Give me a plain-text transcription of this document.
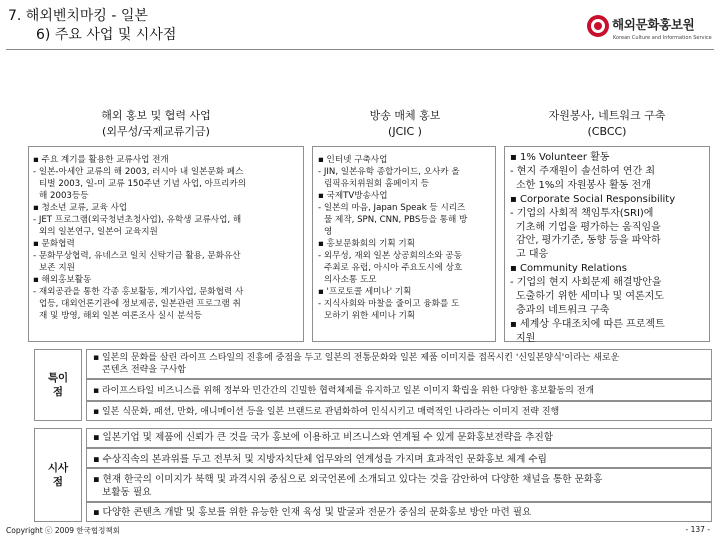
7. 해외벤치마킹 - 일본
6) 주요 사업 및 시사점
해외문화홍보원
Korean Culture and Information Service
해외 홍보 및 협력 사업
(외무성/국제교류기금)
방송 매체 홍보
(JCIC )
자원봉사, 네트워크 구축
(CBCC)

▪ 주요 계기를 활용한 교류사업 전개

- 일본-아세안 교류의 해 2003, 러시아 내 일본문화 페스

티벌 2003, 일-미 교류 150주년 기념 사업, 아프리카의

해 2003등등

▪ 청소년 교류, 교육 사업

- JET 프로그램(외국청년초청사업), 유학생 교류사업, 해

외의 일본연구, 일본어 교육지원

▪ 문화협력

- 문화무상협력, 유네스코 일치 신탁기금 활용, 문화유산

보존 지원

▪ 해외홍보활동

- 재외공관을 통한 각종 홍보활동, 계기사업, 문화협력 사

업등, 대외언론기관에 정보제공, 일본관련 프로그램 취

재 및 방영, 해외 일본 여론조사 실시 분석등

▪ 인터넷 구축사업

- JIN, 일본유학 종합가이드, 오사카 올

림픽유치위원회 홈페이지 등

▪ 국제TV방송사업

- 일본의 마음, Japan Speak 등 시리즈

물 제작, SPN, CNN, PBS등을 통해 방

영

▪ 홍보문화회의 기획 기획

- 외무성, 재외 일본 상공회의소와 공동

주최로 유럽, 아시아 주요도시에 상호

의사소통 도모

▪ '프로토콜 세미나' 기획

- 지식사회와 마찰을 줄이고 융화를 도

모하기 위한 세미나 기획

▪ 1% Volunteer 활동

- 현지 주재원이 솔선하여 연간 최

소한 1%의 자원봉사 활동 전개

▪ Corporate Social Responsibility

- 기업의 사회적 책임투자(SRI)에

기초해 기업을 평가하는 움직임을

감안, 평가기준, 동향 등을 파악하

고 대응

▪ Community Relations

- 기업의 현지 사회문제 해결방안을

도출하기 위한 세미나 및 여론지도

층과의 네트워크 구축

▪ 세계상 우대조치에 따른 프로젝트

지원

특이
점

▪ 일본의 문화를 살린 라이프 스타일의 진흥에 중점을 두고 일본의 전통문화와 일본 제품 이미지를 접목시킨 '신일본양식'이라는 새로운

콘텐츠 전략을 구사함

▪ 라이프스타일 비즈니스를 위해 정부와 민간간의 긴밀한 협력체제를 유지하고 일본 이미지 확립을 위한 다양한 홍보활동의 전개

▪ 일본 식문화, 패션, 만화, 애니메이션 등을 일본 브랜드로 관념화하여 인식시키고 매력적인 나라라는 이미지 전략 진행

시사
점

▪ 일본기업 및 제품에 신뢰가 큰 것을 국가 홍보에 이용하고 비즈니스와 연계될 수 있게 문화홍보전략을 추진함

▪ 수상직속의 본과위를 두고 전부처 및 지방자치단체 업무와의 연계성을 가지며 효과적인 문화홍보 체계 수립

▪ 현재 한국의 이미지가 북핵 및 과격시위 중심으로 외국언론에 소개되고 있다는 것을 감안하여 다양한 채널을 통한 문화홍

보활동 필요

▪ 다양한 콘텐츠 개발 및 홍보를 위한 유능한 인재 육성 및 발굴과 전문가 중심의 문화홍보 방안 마련 필요

Copyright ⓒ 2009 한국협정책회	- 137 -
